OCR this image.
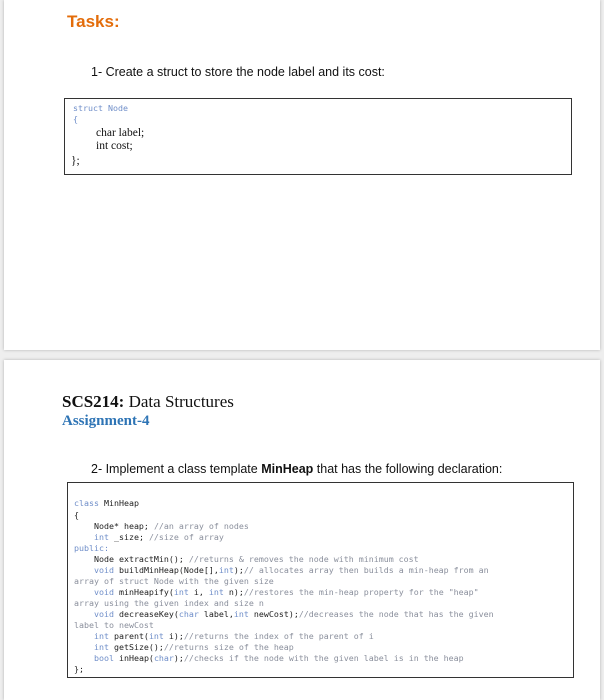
Tasks:
1- Create a struct to store the node label and its cost:
struct Node
{
char label;
int cost;
};
SCS214: Data Structures
Assignment-4
2- Implement a class template MinHeap that has the following declaration:
class MinHeap
{
Node* heap; //an array of nodes
int _size; //size of array
public:
Node extractMin(); //returns & removes the node with minimum cost
void buildMinHeap(Node[],int);// allocates array then builds a min-heap from an
array of struct Node with the given size
void minHeapify(int i, int n);//restores the min-heap property for the "heap"
array using the given index and size n
void decreaseKey(char label,int newCost);//decreases the node that has the given
label to newCost
int parent(int i);//returns the index of the parent of i
int getSize();//returns size of the heap
bool inHeap(char);//checks if the node with the given label is in the heap
};
